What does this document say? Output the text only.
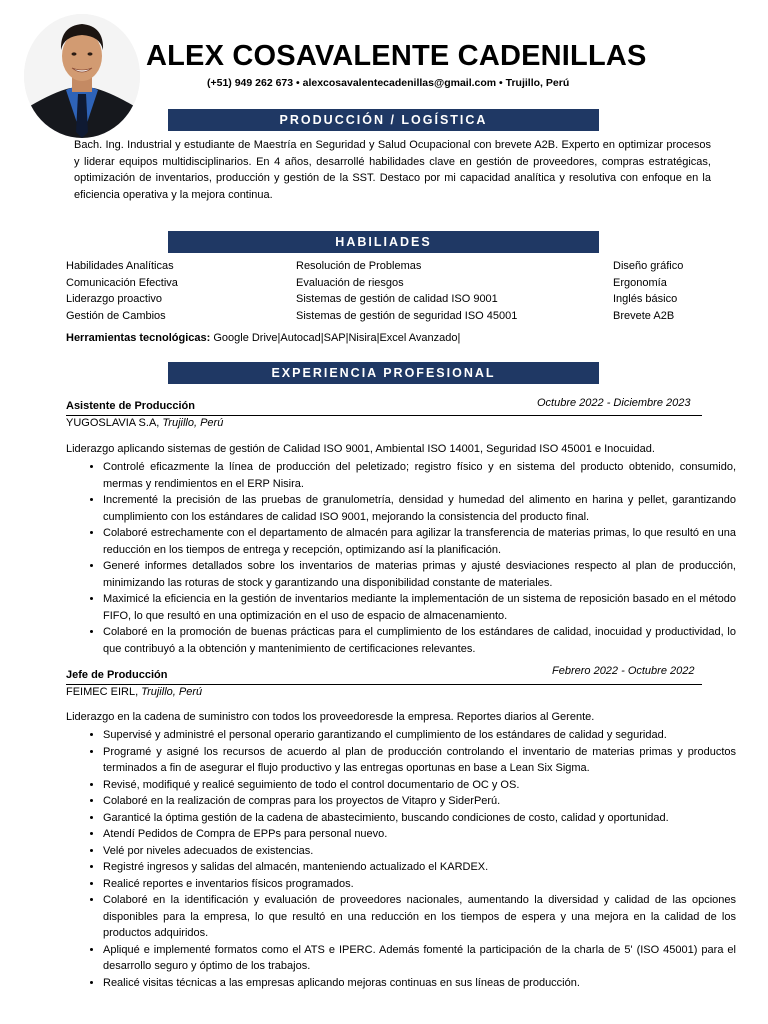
ALEX COSAVALENTE CADENILLAS
(+51) 949 262 673 • alexcosavalentecadenillas@gmail.com • Trujillo, Perú
PRODUCCIÓN / LOGÍSTICA
Bach. Ing. Industrial y estudiante de Maestría en Seguridad y Salud Ocupacional con brevete A2B. Experto en optimizar procesos y liderar equipos multidisciplinarios. En 4 años, desarrollé habilidades clave en gestión de proveedores, compras estratégicas, optimización de inventarios, producción y gestión de la SST. Destaco por mi capacidad analítica y resolutiva con enfoque en la eficiencia operativa y la mejora continua.
HABILIADES
Habilidades Analíticas
Comunicación Efectiva
Liderazgo proactivo
Gestión de Cambios
Resolución de Problemas
Evaluación de riesgos
Sistemas de gestión de calidad ISO 9001
Sistemas de gestión de seguridad ISO 45001
Diseño gráfico
Ergonomía
Inglés básico
Brevete A2B
Herramientas tecnológicas: Google Drive|Autocad|SAP|Nisira|Excel Avanzado|
EXPERIENCIA PROFESIONAL
Asistente de Producción	Octubre 2022 - Diciembre 2023
YUGOSLAVIA S.A, Trujillo, Perú
Liderazgo aplicando sistemas de gestión de Calidad ISO 9001, Ambiental ISO 14001, Seguridad ISO 45001 e Inocuidad.
• Controlé eficazmente la línea de producción del peletizado; registro físico y en sistema del producto obtenido, consumido, mermas y rendimientos en el ERP Nisira.
• Incrementé la precisión de las pruebas de granulometría, densidad y humedad del alimento en harina y pellet, garantizando cumplimiento con los estándares de calidad ISO 9001, mejorando la consistencia del producto final.
• Colaboré estrechamente con el departamento de almacén para agilizar la transferencia de materias primas, lo que resultó en una reducción en los tiempos de entrega y recepción, optimizando así la planificación.
• Generé informes detallados sobre los inventarios de materias primas y ajusté desviaciones respecto al plan de producción, minimizando las roturas de stock y garantizando una disponibilidad constante de materiales.
• Maximicé la eficiencia en la gestión de inventarios mediante la implementación de un sistema de reposición basado en el método FIFO, lo que resultó en una optimización en el uso de espacio de almacenamiento.
• Colaboré en la promoción de buenas prácticas para el cumplimiento de los estándares de calidad, inocuidad y productividad, lo que contribuyó a la obtención y mantenimiento de certificaciones relevantes.
Jefe de Producción	Febrero 2022 - Octubre 2022
FEIMEC EIRL, Trujillo, Perú
Liderazgo en la cadena de suministro con todos los proveedoresde la empresa. Reportes diarios al Gerente.
• Supervisé y administré el personal operario garantizando el cumplimiento de los estándares de calidad y seguridad.
• Programé y asigné los recursos de acuerdo al plan de producción controlando el inventario de materias primas y productos terminados a fin de asegurar el flujo productivo y las entregas oportunas en base a Lean Six Sigma.
• Revisé, modifiqué y realicé seguimiento de todo el control documentario de OC y OS.
• Colaboré en la realización de compras para los proyectos de Vitapro y SiderPerú.
• Garanticé la óptima gestión de la cadena de abastecimiento, buscando condiciones de costo, calidad y oportunidad.
• Atendí Pedidos de Compra de EPPs para personal nuevo.
• Velé por niveles adecuados de existencias.
• Registré ingresos y salidas del almacén, manteniendo actualizado el KARDEX.
• Realicé reportes e inventarios físicos programados.
• Colaboré en la identificación y evaluación de proveedores nacionales, aumentando la diversidad y calidad de las opciones disponibles para la empresa, lo que resultó en una reducción en los tiempos de espera y una mejora en la calidad de los productos adquiridos.
• Apliqué e implementé formatos como el ATS e IPERC. Además fomenté la participación de la charla de 5' (ISO 45001) para el desarrollo seguro y óptimo de los trabajos.
• Realicé visitas técnicas a las empresas aplicando mejoras continuas en sus líneas de producción.
